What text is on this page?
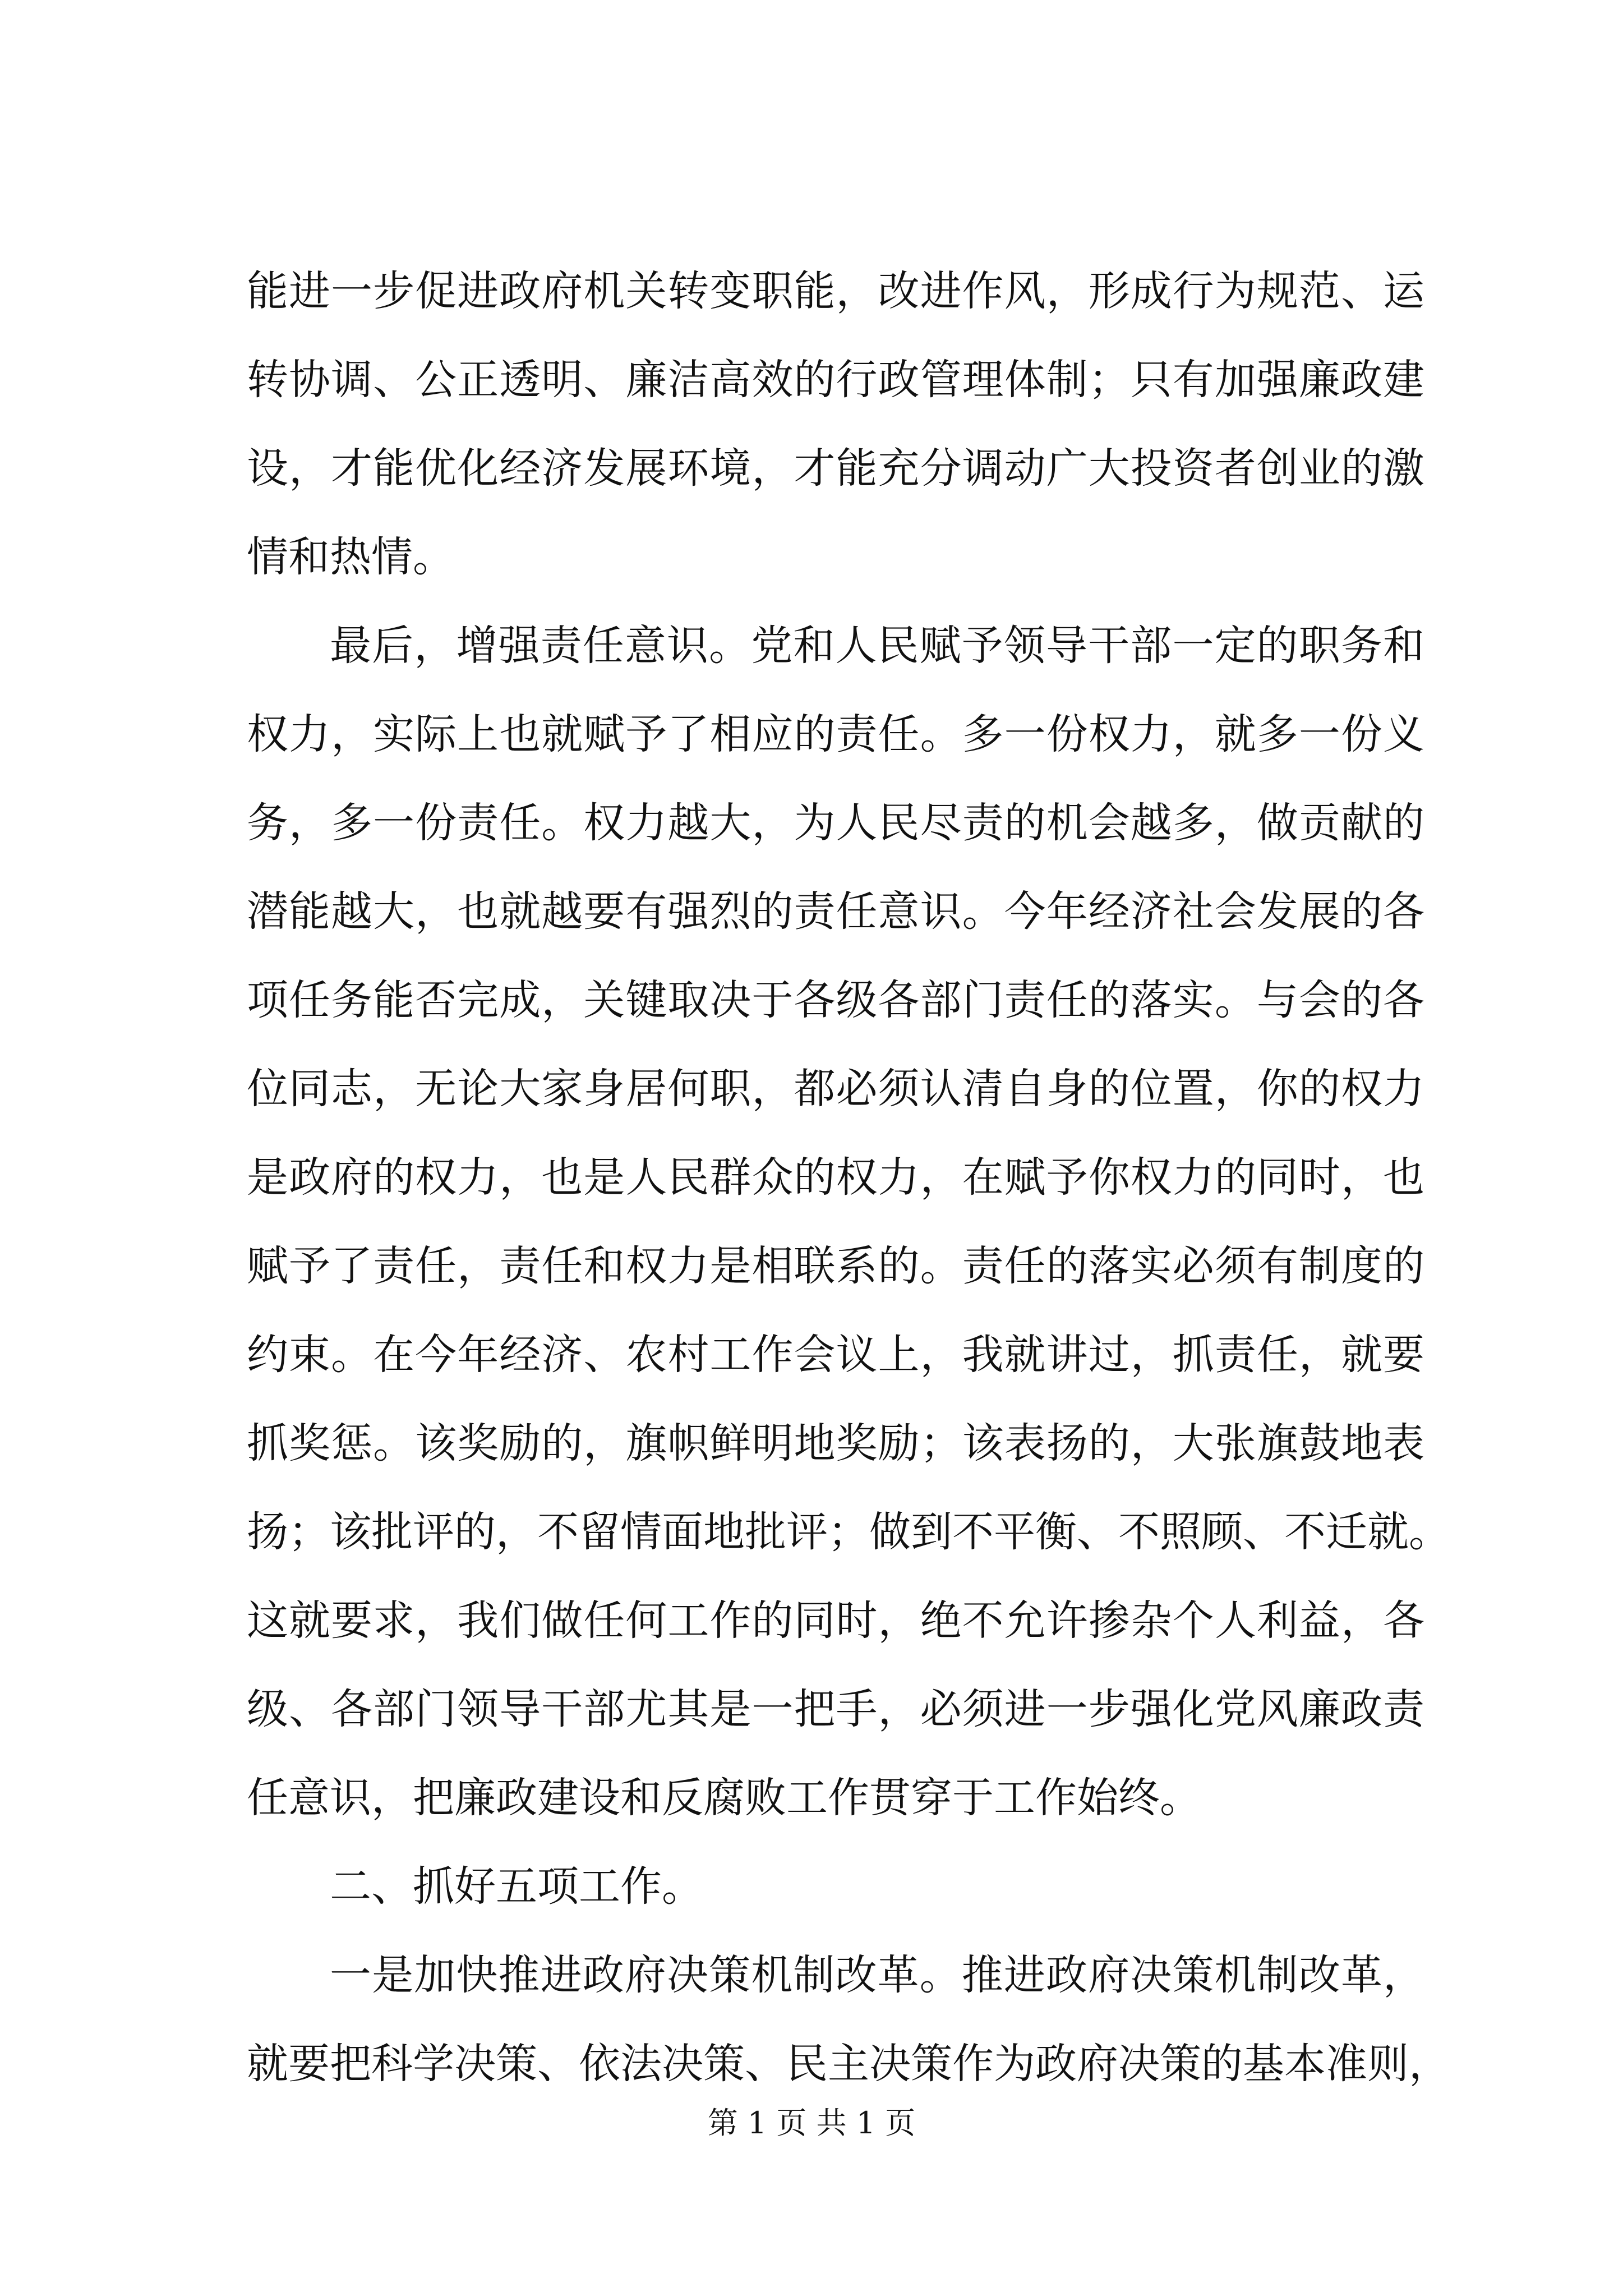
能进一步促进政府机关转变职能，改进作风，形成行为规范、运
转协调、公正透明、廉洁高效的行政管理体制；只有加强廉政建
设，才能优化经济发展环境，才能充分调动广大投资者创业的激
情和热情。
最后，增强责任意识。党和人民赋予领导干部一定的职务和
权力，实际上也就赋予了相应的责任。多一份权力，就多一份义
务，多一份责任。权力越大，为人民尽责的机会越多，做贡献的
潜能越大，也就越要有强烈的责任意识。今年经济社会发展的各
项任务能否完成，关键取决于各级各部门责任的落实。与会的各
位同志，无论大家身居何职，都必须认清自身的位置，你的权力
是政府的权力，也是人民群众的权力，在赋予你权力的同时，也
赋予了责任，责任和权力是相联系的。责任的落实必须有制度的
约束。在今年经济、农村工作会议上，我就讲过，抓责任，就要
抓奖惩。该奖励的，旗帜鲜明地奖励；该表扬的，大张旗鼓地表
扬；该批评的，不留情面地批评；做到不平衡、不照顾、不迁就。
这就要求，我们做任何工作的同时，绝不允许掺杂个人利益，各
级、各部门领导干部尤其是一把手，必须进一步强化党风廉政责
任意识，把廉政建设和反腐败工作贯穿于工作始终。
二、抓好五项工作。
一是加快推进政府决策机制改革。推进政府决策机制改革，
就要把科学决策、依法决策、民主决策作为政府决策的基本准则，
第 1 页 共 1 页
